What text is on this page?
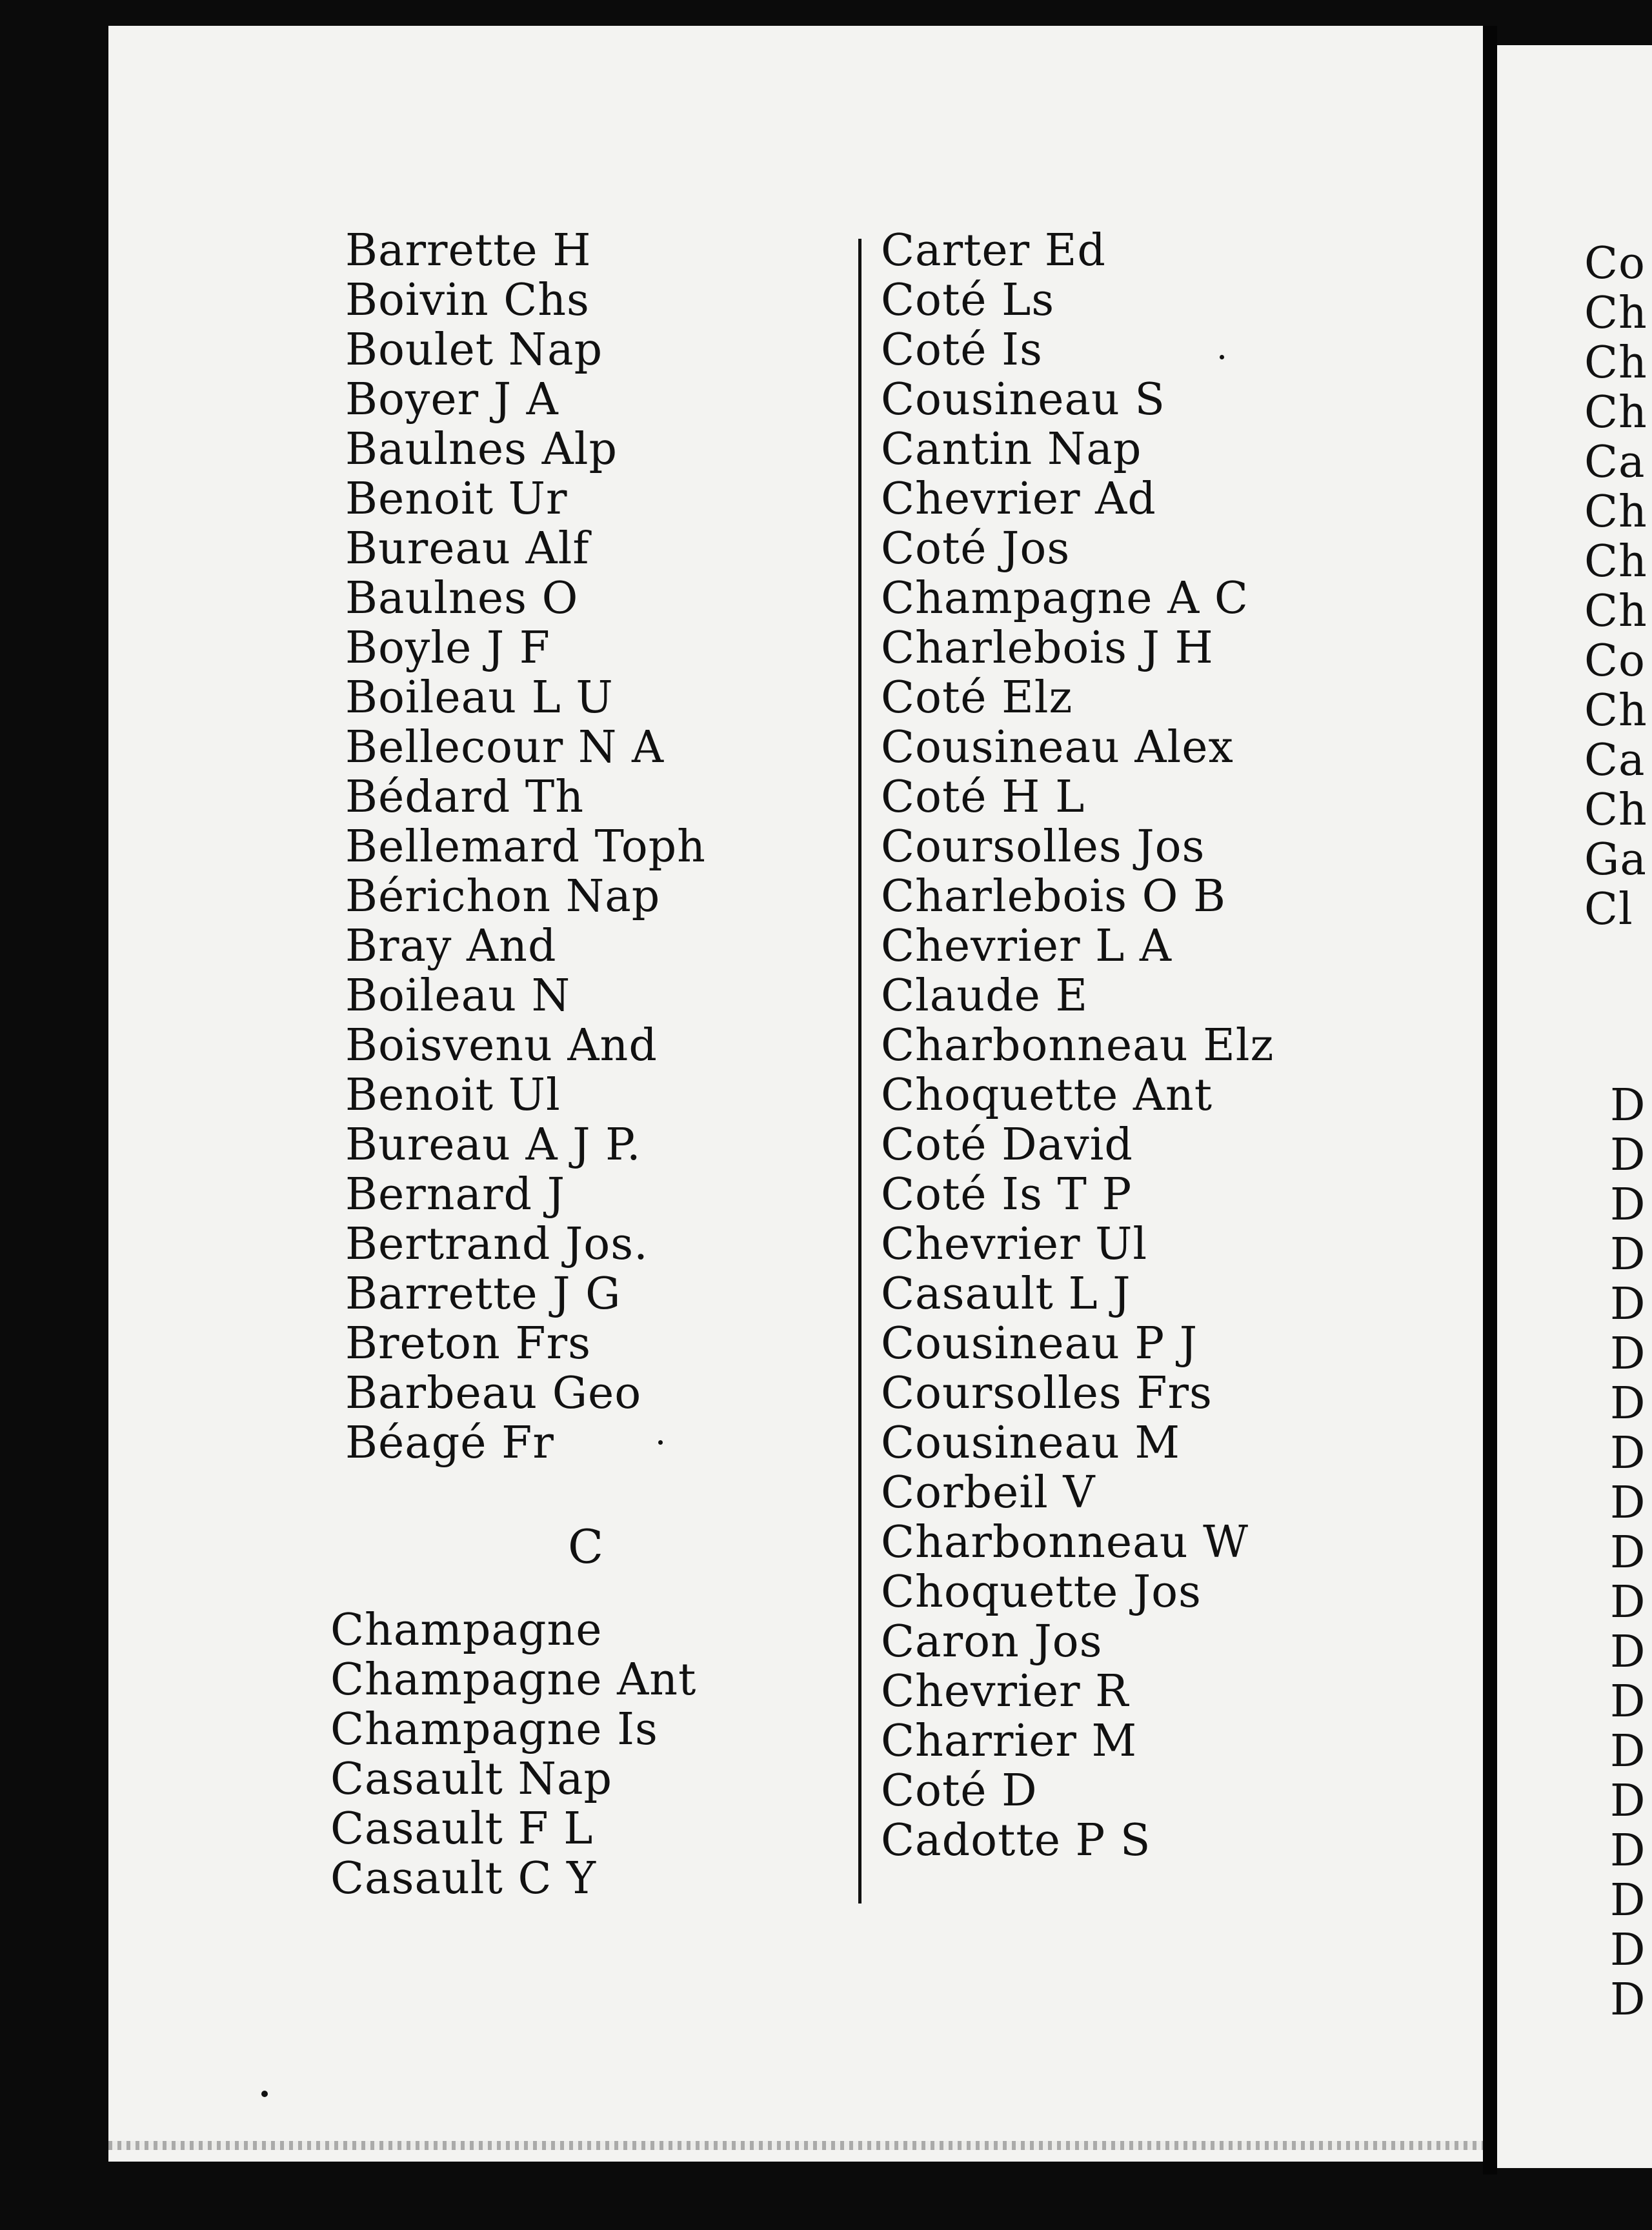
Barrette H
Boivin Chs
Boulet Nap
Boyer J A
Baulnes Alp
Benoit Ur
Bureau Alf
Baulnes O
Boyle J F
Boileau L U
Bellecour N A
Bédard Th
Bellemard Toph
Bérichon Nap
Bray And
Boileau N
Boisvenu And
Benoit Ul
Bureau A J P.
Bernard J
Bertrand Jos.
Barrette J G
Breton Frs
Barbeau Geo
Béagé Fr
C
Champagne
Champagne Ant
Champagne Is
Casault Nap
Casault F L
Casault C Y
Carter Ed
Coté Ls
Coté Is
Cousineau S
Cantin Nap
Chevrier Ad
Coté Jos
Champagne A C
Charlebois J H
Coté Elz
Cousineau Alex
Coté H L
Coursolles Jos
Charlebois O B
Chevrier L A
Claude E
Charbonneau Elz
Choquette Ant
Coté David
Coté Is T P
Chevrier Ul
Casault L J
Cousineau P J
Coursolles Frs
Cousineau M
Corbeil V
Charbonneau W
Choquette Jos
Caron Jos
Chevrier R
Charrier M
Coté D
Cadotte P S
Co
Ch
Ch
Ch
Ca
Ch
Ch
Ch
Co
Ch
Ca
Ch
Ga
Cl
D
D
D
D
D
D
D
D
D
D
D
D
D
D
D
D
D
D
D
